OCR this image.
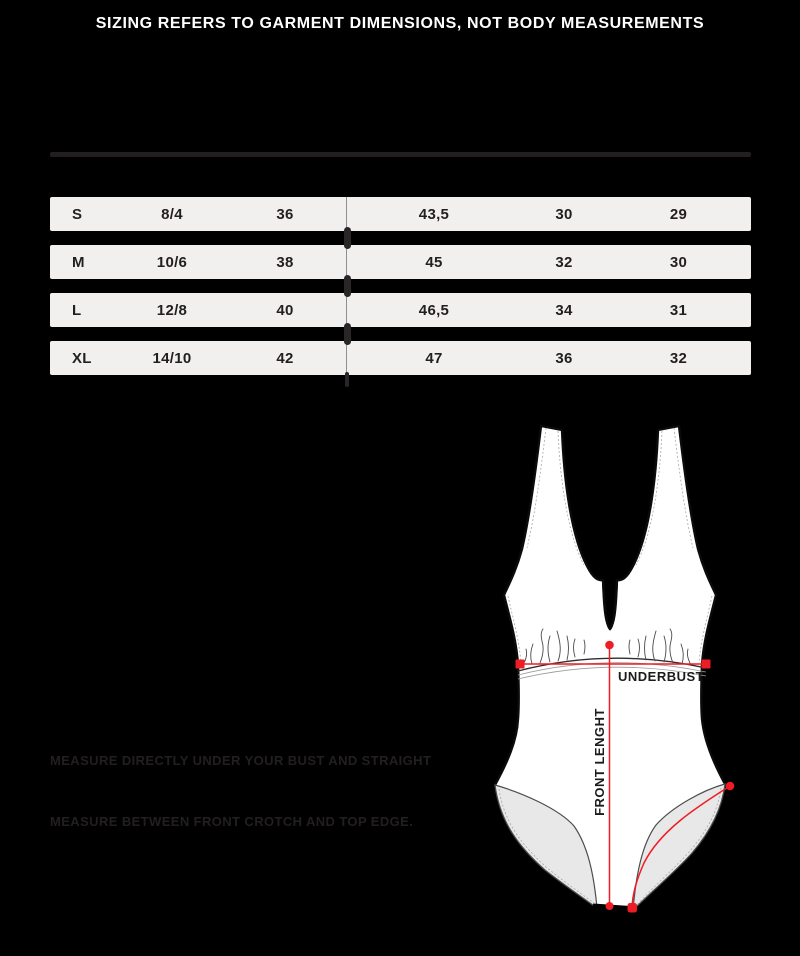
SIZING REFERS TO GARMENT DIMENSIONS, NOT BODY MEASUREMENTS
S	8/4	36	43,5	30	29
M	10/6	38	45	32	30
L	12/8	40	46,5	34	31
XL	14/10	42	47	36	32
MEASURE DIRECTLY UNDER YOUR BUST AND STRAIGHT
MEASURE BETWEEN FRONT CROTCH AND TOP EDGE.
UNDERBUST
FRONT LENGHT
